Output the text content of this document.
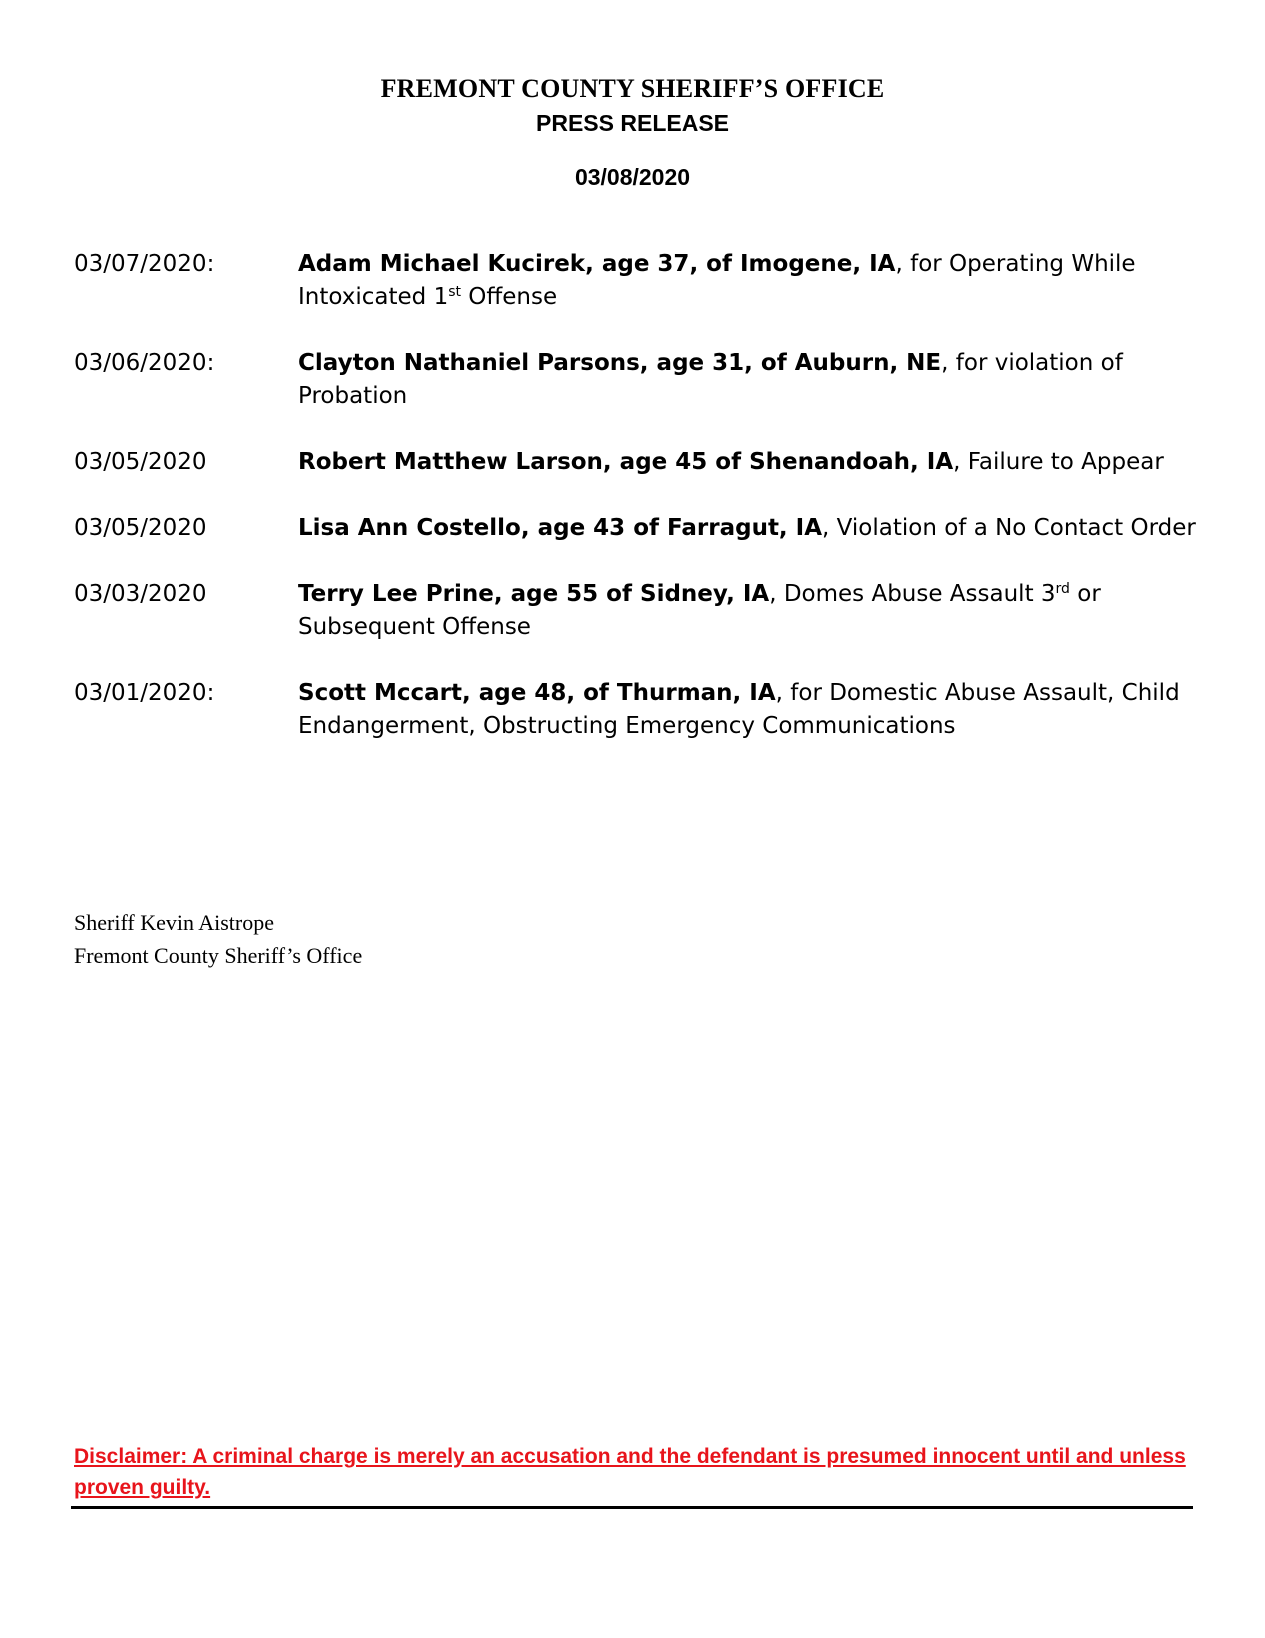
FREMONT COUNTY SHERIFF’S OFFICE
PRESS RELEASE
03/08/2020
03/07/2020:	Adam Michael Kucirek, age 37, of Imogene, IA, for Operating While Intoxicated 1st Offense
03/06/2020:	Clayton Nathaniel Parsons, age 31, of Auburn, NE, for violation of Probation
03/05/2020	Robert Matthew Larson, age 45 of Shenandoah, IA, Failure to Appear
03/05/2020	Lisa Ann Costello, age 43 of Farragut, IA, Violation of a No Contact Order
03/03/2020	Terry Lee Prine, age 55 of Sidney, IA, Domes Abuse Assault 3rd or Subsequent Offense
03/01/2020:	Scott Mccart, age 48, of Thurman, IA, for Domestic Abuse Assault, Child Endangerment, Obstructing Emergency Communications
Sheriff Kevin Aistrope
Fremont County Sheriff’s Office
Disclaimer: A criminal charge is merely an accusation and the defendant is presumed innocent until and unless proven guilty.
